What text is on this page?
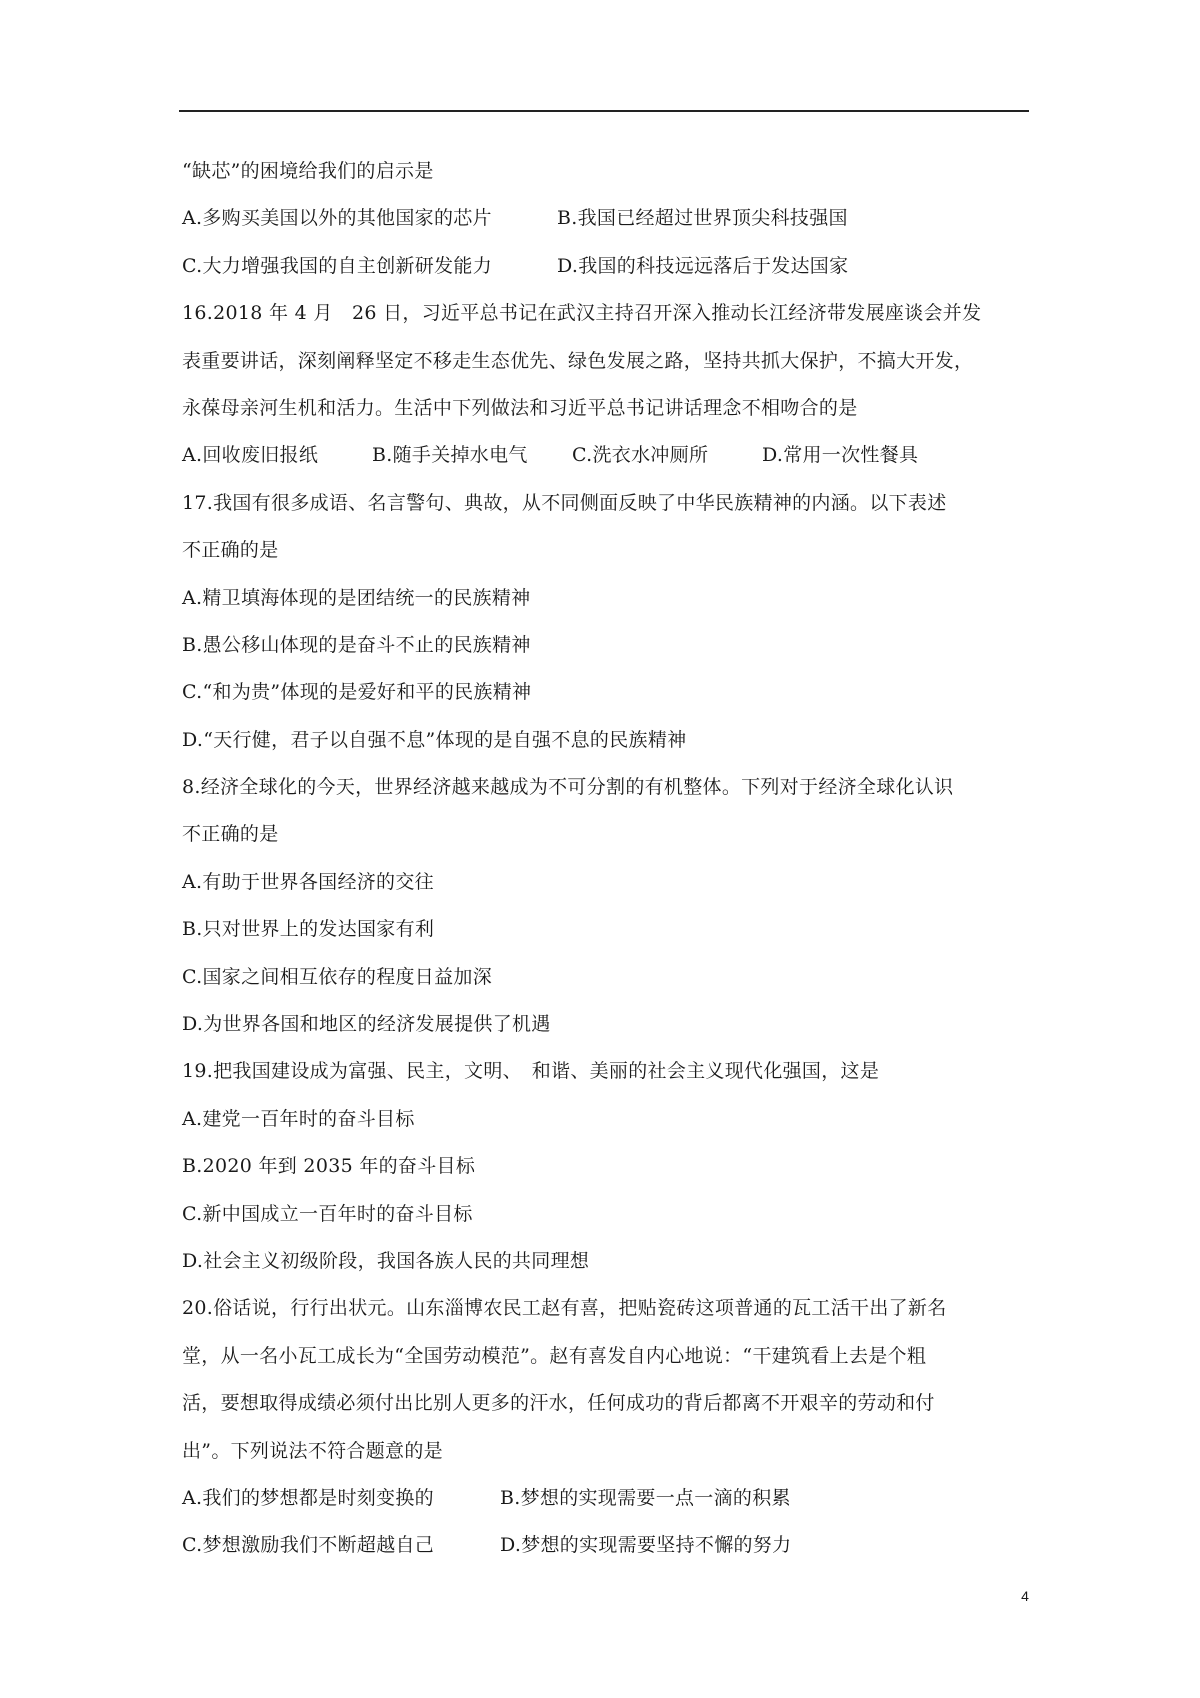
“缺芯”的困境给我们的启示是
A.多购买美国以外的其他国家的芯片	B.我国已经超过世界顶尖科技强国
C.大力增强我国的自主创新研发能力	D.我国的科技远远落后于发达国家
16.2018 年 4 月　26 日，习近平总书记在武汉主持召开深入推动长江经济带发展座谈会并发
表重要讲话，深刻阐释坚定不移走生态优先、绿色发展之路，坚持共抓大保护，不搞大开发，
永葆母亲河生机和活力。生活中下列做法和习近平总书记讲话理念不相吻合的是
A.回收废旧报纸	B.随手关掉水电气	C.洗衣水冲厕所	D.常用一次性餐具
17.我国有很多成语、名言警句、典故，从不同侧面反映了中华民族精神的内涵。以下表述
不正确的是
A.精卫填海体现的是团结统一的民族精神
B.愚公移山体现的是奋斗不止的民族精神
C.“和为贵”体现的是爱好和平的民族精神
D.“天行健，君子以自强不息”体现的是自强不息的民族精神
8.经济全球化的今天，世界经济越来越成为不可分割的有机整体。下列对于经济全球化认识
不正确的是
A.有助于世界各国经济的交往
B.只对世界上的发达国家有利
C.国家之间相互依存的程度日益加深
D.为世界各国和地区的经济发展提供了机遇
19.把我国建设成为富强、民主，文明、　和谐、美丽的社会主义现代化强国，这是
A.建党一百年时的奋斗目标
B.2020 年到 2035 年的奋斗目标
C.新中国成立一百年时的奋斗目标
D.社会主义初级阶段，我国各族人民的共同理想
20.俗话说，行行出状元。山东淄博农民工赵有喜，把贴瓷砖这项普通的瓦工活干出了新名
堂，从一名小瓦工成长为“全国劳动模范”。赵有喜发自内心地说：“干建筑看上去是个粗
活，要想取得成绩必须付出比别人更多的汗水，任何成功的背后都离不开艰辛的劳动和付
出”。下列说法不符合题意的是
A.我们的梦想都是时刻变换的	B.梦想的实现需要一点一滴的积累
C.梦想激励我们不断超越自己	D.梦想的实现需要坚持不懈的努力
4
